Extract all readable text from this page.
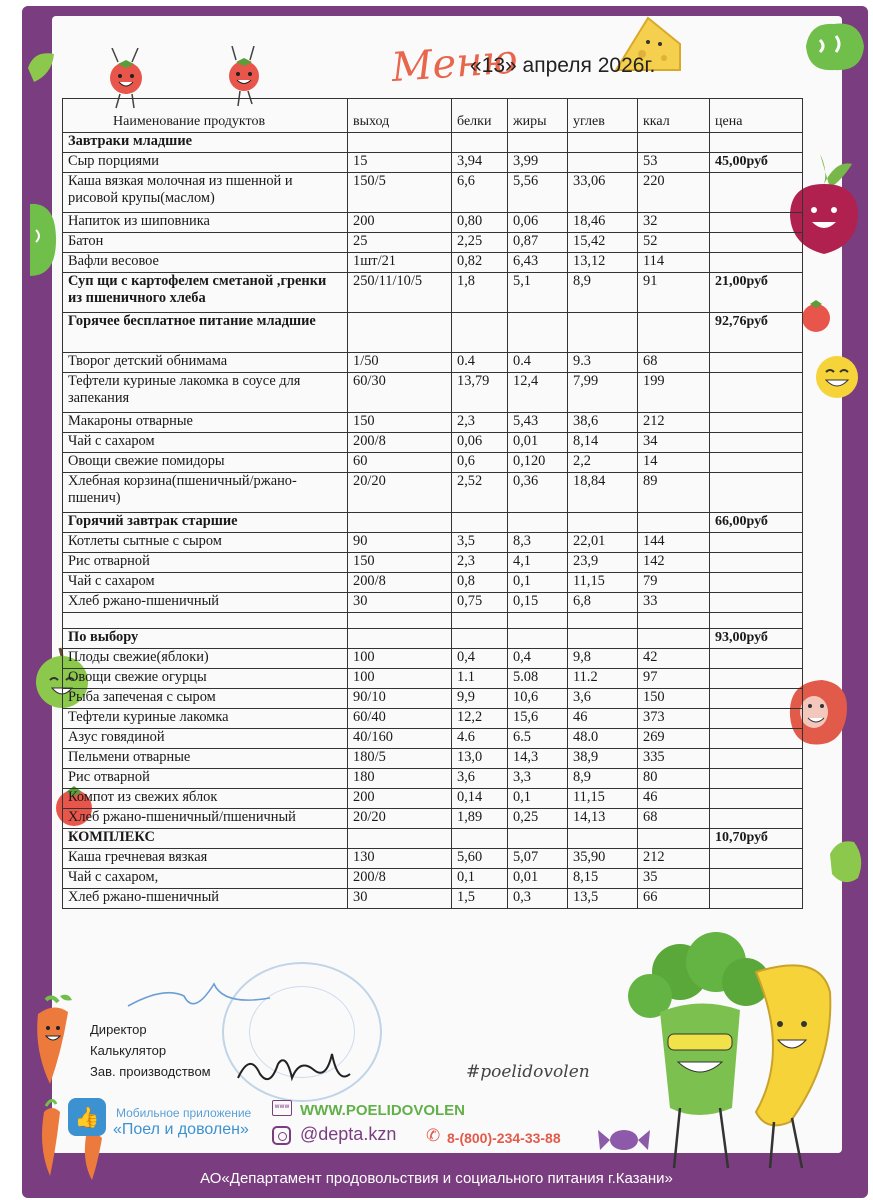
Меню
«13» апреля 2026г.
Наименование продуктов	выход	белки	жиры	углев	ккал	цена
Завтраки младшие						
Сыр порциями	15	3,94	3,99		53	45,00руб
Каша вязкая молочная из пшенной и рисовой крупы(маслом)	150/5	6,6	5,56	33,06	220	
Напиток из шиповника	200	0,80	0,06	18,46	32	
Батон	25	2,25	0,87	15,42	52	
Вафли весовое	1шт/21	0,82	6,43	13,12	114	
Суп щи с картофелем сметаной ,гренки из пшеничного хлеба	250/11/10/5	1,8	5,1	8,9	91	21,00руб
Горячее бесплатное питание младшие						92,76руб
Творог детский обнимама	1/50	0.4	0.4	9.3	68	
Тефтели куриные лакомка в соусе для запекания	60/30	13,79	12,4	7,99	199	
Макароны отварные	150	2,3	5,43	38,6	212	
Чай с сахаром	200/8	0,06	0,01	8,14	34	
Овощи свежие помидоры	60	0,6	0,120	2,2	14	
Хлебная корзина(пшеничный/ржано-пшенич)	20/20	2,52	0,36	18,84	89	
Горячий завтрак старшие						66,00руб
Котлеты сытные с сыром	90	3,5	8,3	22,01	144	
Рис отварной	150	2,3	4,1	23,9	142	
Чай с сахаром	200/8	0,8	0,1	11,15	79	
Хлеб ржано-пшеничный	30	0,75	0,15	6,8	33	

По выбору						93,00руб
Плоды свежие(яблоки)	100	0,4	0,4	9,8	42	
Овощи свежие огурцы	100	1.1	5.08	11.2	97	
Рыба запеченая с сыром	90/10	9,9	10,6	3,6	150	
Тефтели куриные лакомка	60/40	12,2	15,6	46	373	
Азус говядиной	40/160	4.6	6.5	48.0	269	
Пельмени отварные	180/5	13,0	14,3	38,9	335	
Рис отварной	180	3,6	3,3	8,9	80	
Компот из свежих яблок	200	0,14	0,1	11,15	46	
Хлеб ржано-пшеничный/пшеничный	20/20	1,89	0,25	14,13	68	
КОМПЛЕКС						10,70руб
Каша гречневая вязкая	130	5,60	5,07	35,90	212	
Чай с сахаром,	200/8	0,1	0,01	8,15	35	
Хлеб ржано-пшеничный	30	1,5	0,3	13,5	66	
Директор
Калькулятор
Зав. производством
👍	Мобильное приложение
«Поел и доволен»
www WWW.POELIDOVOLEN
@depta.kzn ✆ 8-(800)-234-33-88
#poelidovolen
АО«Департамент продовольствия и социального питания г.Казани»
